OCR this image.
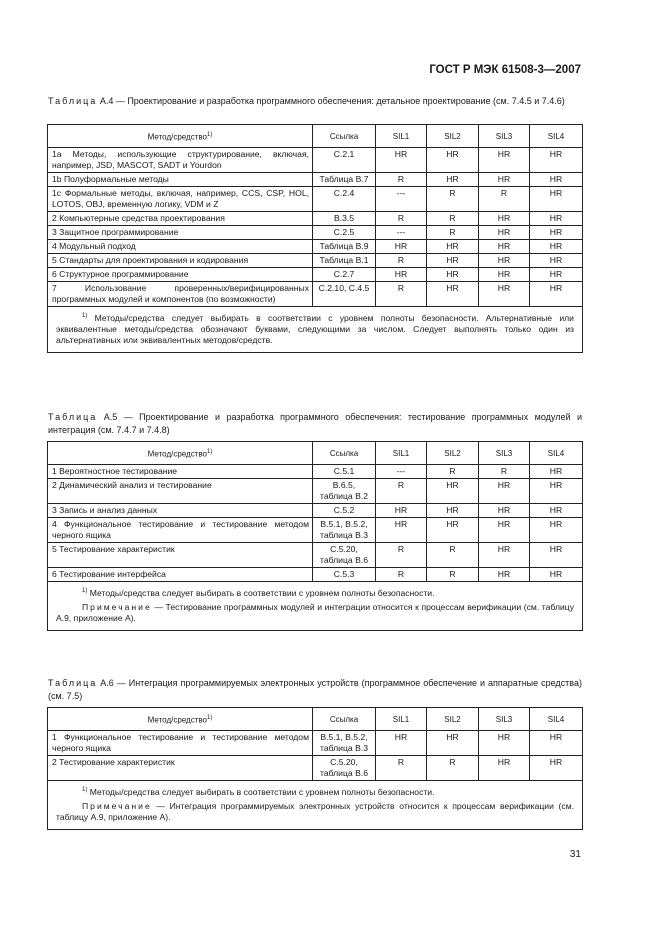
ГОСТ Р МЭК 61508-3—2007
Таблица A.4 — Проектирование и разработка программного обеспечения: детальное проектирование (см. 7.4.5 и 7.4.6)
Метод/средство$^{1)}$	Ссылка	SIL1	SIL2	SIL3	SIL4
1a Методы, использующие структурирование, включая, например, JSD, MASCOT, SADT и Yourdon	С.2.1	HR	HR	HR	HR
1b Полуформальные методы	Таблица В.7	R	HR	HR	HR
1c Формальные методы, включая, например, CCS, CSP, HOL, LOTOS, OBJ, временную логику, VDM и Z	С.2.4	---	R	R	HR
2 Компьютерные средства проектирования	В.3.5	R	R	HR	HR
3 Защитное программирование	С.2.5	---	R	HR	HR
4 Модульный подход	Таблица В.9	HR	HR	HR	HR
5 Стандарты для проектирования и кодирования	Таблица В.1	R	HR	HR	HR
6 Структурное программирование	С.2.7	HR	HR	HR	HR
7 Использование проверенных/верифицированных программных модулей и компонентов (по возможности)	С.2.10, С.4.5	R	HR	HR	HR

$^{1)}$ Методы/средства следует выбирать в соответствии с уровнем полноты безопасности. Альтернативные или эквивалентные методы/средства обозначают буквами, следующими за числом. Следует выполнять только один из альтернативных или эквивалентных методов/средств.					

Таблица A.5 — Проектирование и разработка программного обеспечения: тестирование программных модулей и интеграция (см. 7.4.7 и 7.4.8)
Метод/средство$^{1)}$	Ссылка	SIL1	SIL2	SIL3	SIL4
1 Вероятностное тестирование	С.5.1	---	R	R	HR
2 Динамический анализ и тестирование	В.6.5, таблица В.2	R	HR	HR	HR
3 Запись и анализ данных	С.5.2	HR	HR	HR	HR
4 Функциональное тестирование и тестирование методом черного ящика	В.5.1, В.5.2, таблица В.3	HR	HR	HR	HR
5 Тестирование характеристик	С.5.20, таблица В.6	R	R	HR	HR
6 Тестирование интерфейса	С.5.3	R	R	HR	HR

$^{1)}$ Методы/средства следует выбирать в соответствии с уровнем полноты безопасности.

Примечание — Тестирование программных модулей и интеграции относится к процессам верификации (см. таблицу А.9, приложение А).					

Таблица A.6 — Интеграция программируемых электронных устройств (программное обеспечение и аппаратные средства) (см. 7.5)
Метод/средство$^{1)}$	Ссылка	SIL1	SIL2	SIL3	SIL4
1 Функциональное тестирование и тестирование методом черного ящика	В.5.1, В.5.2, таблица В.3	HR	HR	HR	HR
2 Тестирование характеристик	С.5.20, таблица В.6	R	R	HR	HR

$^{1)}$ Методы/средства следует выбирать в соответствии с уровнем полноты безопасности.

Примечание — Интеграция программируемых электронных устройств относится к процессам верификации (см. таблицу А.9, приложение А).					

31
